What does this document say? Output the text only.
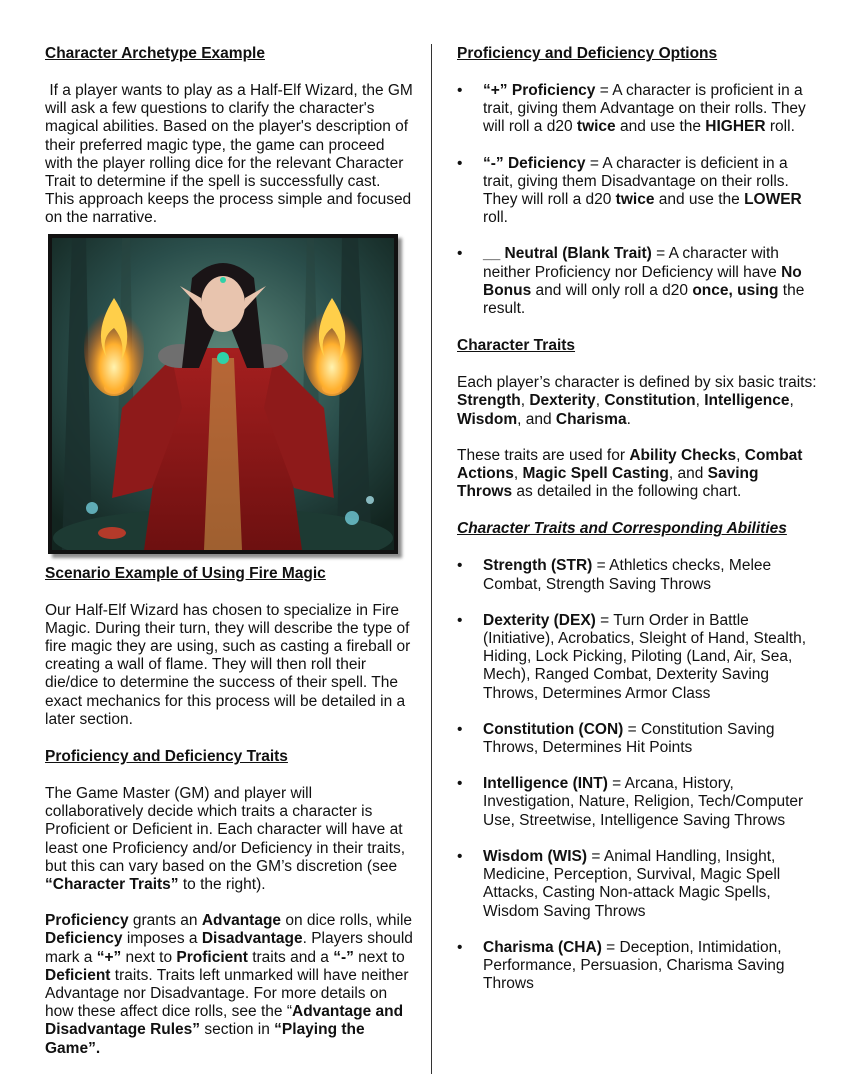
Character Archetype Example

If a player wants to play as a Half-Elf Wizard, the GM will ask a few questions to clarify the character's magical abilities. Based on the player's description of their preferred magic type, the game can proceed with the player rolling dice for the relevant Character Trait to determine if the spell is successfully cast. This approach keeps the process simple and focused on the narrative.

Scenario Example of Using Fire Magic

Our Half-Elf Wizard has chosen to specialize in Fire Magic. During their turn, they will describe the type of fire magic they are using, such as casting a fireball or creating a wall of flame. They will then roll their die/dice to determine the success of their spell. The exact mechanics for this process will be detailed in a later section.

Proficiency and Deficiency Traits

The Game Master (GM) and player will collaboratively decide which traits a character is Proficient or Deficient in. Each character will have at least one Proficiency and/or Deficiency in their traits, but this can vary based on the GM’s discretion (see “Character Traits” to the right).

Proficiency grants an Advantage on dice rolls, while Deficiency imposes a Disadvantage. Players should mark a “+” next to Proficient traits and a “-” next to Deficient traits. Traits left unmarked will have neither Advantage nor Disadvantage. For more details on how these affect dice rolls, see the “Advantage and Disadvantage Rules” section in “Playing the Game”.

Proficiency and Deficiency Options
• “+” Proficiency = A character is proficient in a trait, giving them Advantage on their rolls. They will roll a d20 twice and use the HIGHER roll.
• “-” Deficiency = A character is deficient in a trait, giving them Disadvantage on their rolls. They will roll a d20 twice and use the LOWER roll.
• __ Neutral (Blank Trait) = A character with neither Proficiency nor Deficiency will have No Bonus and will only roll a d20 once, using the result.
Character Traits

Each player’s character is defined by six basic traits: Strength, Dexterity, Constitution, Intelligence, Wisdom, and Charisma.

These traits are used for Ability Checks, Combat Actions, Magic Spell Casting, and Saving Throws as detailed in the following chart.

Character Traits and Corresponding Abilities
• Strength (STR) = Athletics checks, Melee Combat, Strength Saving Throws
• Dexterity (DEX) = Turn Order in Battle (Initiative), Acrobatics, Sleight of Hand, Stealth, Hiding, Lock Picking, Piloting (Land, Air, Sea, Mech), Ranged Combat, Dexterity Saving Throws, Determines Armor Class
• Constitution (CON) = Constitution Saving Throws, Determines Hit Points
• Intelligence (INT) = Arcana, History, Investigation, Nature, Religion, Tech/Computer Use, Streetwise, Intelligence Saving Throws
• Wisdom (WIS) = Animal Handling, Insight, Medicine, Perception, Survival, Magic Spell Attacks, Casting Non-attack Magic Spells, Wisdom Saving Throws
• Charisma (CHA) = Deception, Intimidation, Performance, Persuasion, Charisma Saving Throws
